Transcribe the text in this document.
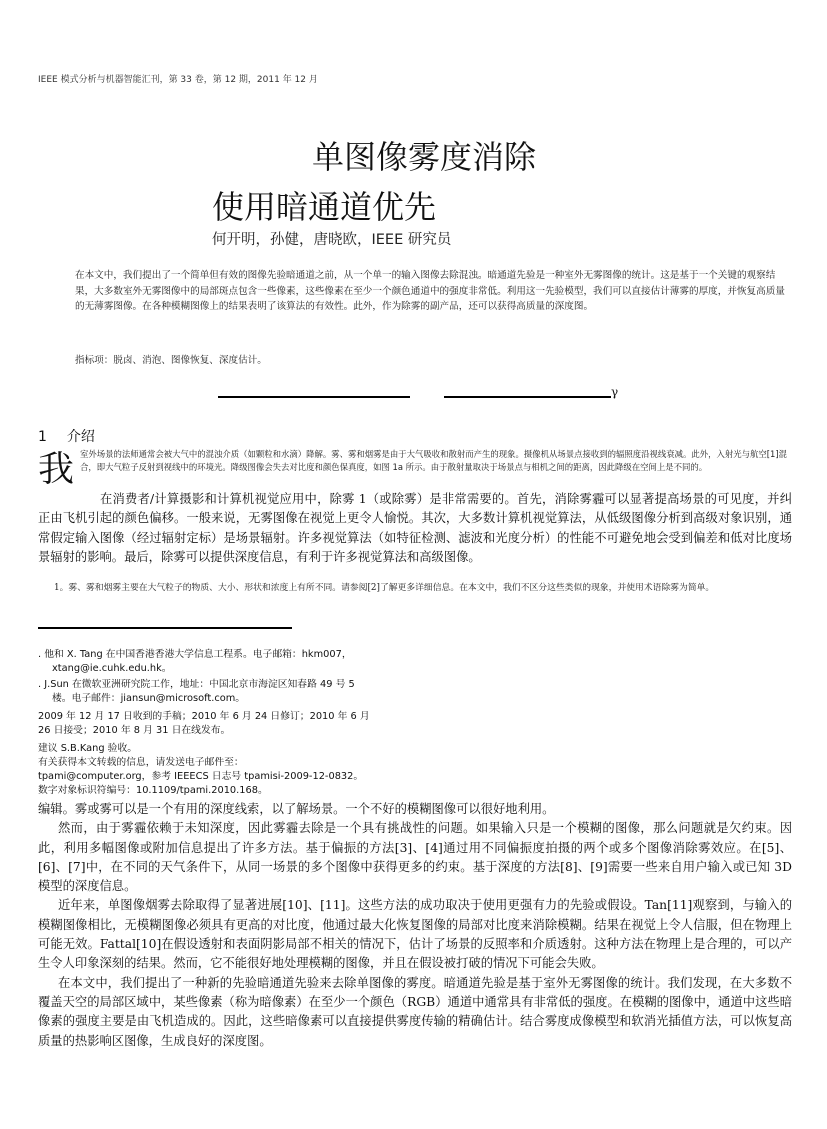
IEEE 模式分析与机器智能汇刊，第 33 卷，第 12 期，2011 年 12 月
单图像雾度消除
使用暗通道优先
何开明，孙健，唐晓欧，IEEE 研究员
在本文中，我们提出了一个简单但有效的图像先验暗通道之前，从一个单一的输入图像去除混浊。暗通道先验是一种室外无雾图像的统计。这是基于一个关键的观察结果，大多数室外无雾图像中的局部斑点包含一些像素，这些像素在至少一个颜色通道中的强度非常低。利用这一先验模型，我们可以直接估计薄雾的厚度，并恢复高质量的无薄雾图像。在各种模糊图像上的结果表明了该算法的有效性。此外，作为除雾的副产品，还可以获得高质量的深度图。
指标项：脱卤、消泡、图像恢复、深度估计。
γ
1 介绍
我 室外场景的法师通常会被大气中的混浊介质（如颗粒和水滴）降解。雾、雾和烟雾是由于大气吸收和散射而产生的现象。摄像机从场景点接收到的辐照度沿视线衰减。此外，入射光与航空[1]混合，即大气粒子反射到视线中的环境光。降级图像会失去对比度和颜色保真度，如图 1a 所示。由于散射量取决于场景点与相机之间的距离，因此降级在空间上是不同的。
在消费者/计算摄影和计算机视觉应用中，除雾 1（或除雾）是非常需要的。首先，消除雾霾可以显著提高场景的可见度，并纠正由飞机引起的颜色偏移。一般来说，无雾图像在视觉上更令人愉悦。其次，大多数计算机视觉算法，从低级图像分析到高级对象识别，通常假定输入图像（经过辐射定标）是场景辐射。许多视觉算法（如特征检测、滤波和光度分析）的性能不可避免地会受到偏差和低对比度场景辐射的影响。最后，除雾可以提供深度信息，有利于许多视觉算法和高级图像。
1。雾、雾和烟雾主要在大气粒子的物质、大小、形状和浓度上有所不同。请参阅[2]了解更多详细信息。在本文中，我们不区分这些类似的现象，并使用术语除雾为简单。
. 他和 X. Tang 在中国香港香港大学信息工程系。电子邮箱：hkm007，
xtang@ie.cuhk.edu.hk。
. J.Sun 在微软亚洲研究院工作，地址：中国北京市海淀区知春路 49 号 5
楼。电子邮件：jiansun@microsoft.com。
2009 年 12 月 17 日收到的手稿；2010 年 6 月 24 日修订；2010 年 6 月
26 日接受；2010 年 8 月 31 日在线发布。
建议 S.B.Kang 验收。
有关获得本文转载的信息，请发送电子邮件至：
tpami@computer.org，参考 IEEECS 日志号 tpamisi-2009-12-0832。
数字对象标识符编号：10.1109/tpami.2010.168。
编辑。雾或雾可以是一个有用的深度线索，以了解场景。一个不好的模糊图像可以很好地利用。
然而，由于雾霾依赖于未知深度，因此雾霾去除是一个具有挑战性的问题。如果输入只是一个模糊的图像，那么问题就是欠约束。因此，利用多幅图像或附加信息提出了许多方法。基于偏振的方法[3]、[4]通过用不同偏振度拍摄的两个或多个图像消除雾效应。在[5]、[6]、[7]中，在不同的天气条件下，从同一场景的多个图像中获得更多的约束。基于深度的方法[8]、[9]需要一些来自用户输入或已知 3D 模型的深度信息。
近年来，单图像烟雾去除取得了显著进展[10]、[11]。这些方法的成功取决于使用更强有力的先验或假设。Tan[11]观察到，与输入的模糊图像相比，无模糊图像必须具有更高的对比度，他通过最大化恢复图像的局部对比度来消除模糊。结果在视觉上令人信服，但在物理上可能无效。Fattal[10]在假设透射和表面阴影局部不相关的情况下，估计了场景的反照率和介质透射。这种方法在物理上是合理的，可以产生令人印象深刻的结果。然而，它不能很好地处理模糊的图像，并且在假设被打破的情况下可能会失败。
在本文中，我们提出了一种新的先验暗通道先验来去除单图像的雾度。暗通道先验是基于室外无雾图像的统计。我们发现，在大多数不覆盖天空的局部区域中，某些像素（称为暗像素）在至少一个颜色（RGB）通道中通常具有非常低的强度。在模糊的图像中，通道中这些暗像素的强度主要是由飞机造成的。因此，这些暗像素可以直接提供雾度传输的精确估计。结合雾度成像模型和软消光插值方法，可以恢复高质量的热影响区图像，生成良好的深度图。
